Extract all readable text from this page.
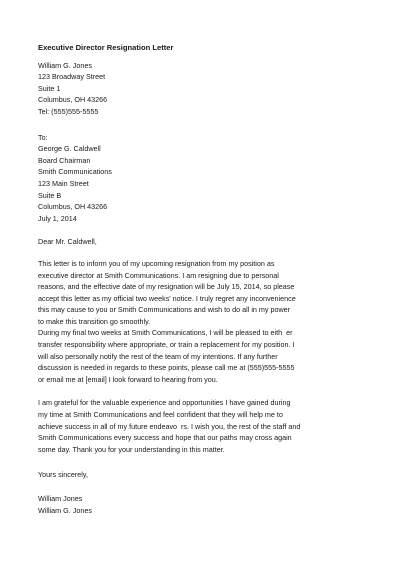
Executive Director Resignation Letter
William G. Jones
123 Broadway Street
Suite 1
Columbus, OH 43266
Tel: (555)555-5555
To:
George G. Caldwell
Board Chairman
Smith Communications
123 Main Street
Suite B
Columbus, OH 43266
July 1, 2014
Dear Mr. Caldwell,
This letter is to inform you of my upcoming resignation from my position as
executive director at Smith Communications. I am resigning due to personal
reasons, and the effective date of my resignation will be July 15, 2014, so please
accept this letter as my official two weeks' notice. I truly regret any inconvenience
this may cause to you or Smith Communications and wish to do all in my power
to make this transition go smoothly.
During my final two weeks at Smith Communications, I will be pleased to eith  er
transfer responsibility where appropriate, or train a replacement for my position. I
will also personally notify the rest of the team of my intentions. If any further
discussion is needed in regards to these points, please call me at (555)555-5555
or email me at [email] I look forward to hearing from you.
I am grateful for the valuable experience and opportunities I have gained during
my time at Smith Communications and feel confident that they will help me to
achieve success in all of my future endeavo  rs. I wish you, the rest of the staff and
Smith Communications every success and hope that our paths may cross again
some day. Thank you for your understanding in this matter.
Yours sincerely,
William Jones
William G. Jones
